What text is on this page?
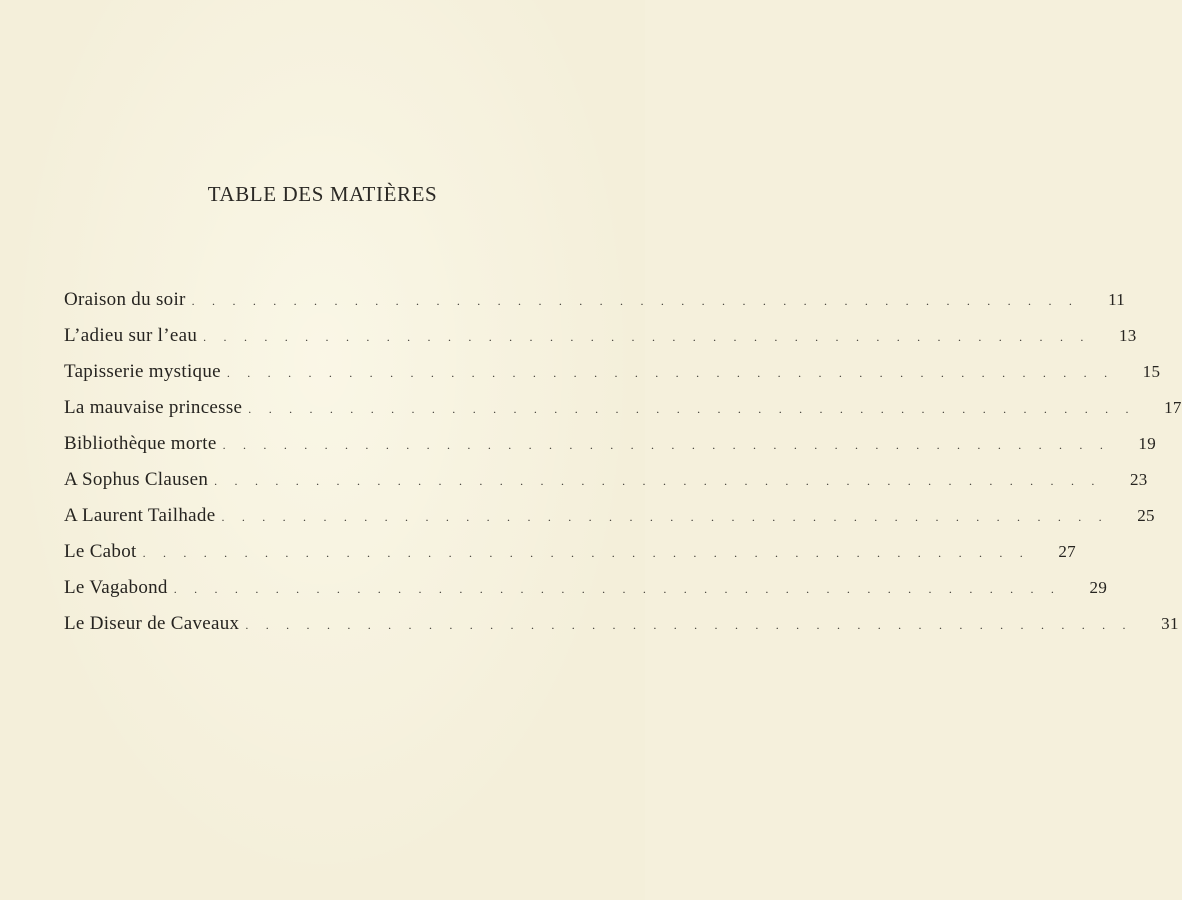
TABLE DES MATIÈRES
Oraison du soir . . . . . . . . . . . . . . . . . . . . . . . . . . . . . . . . . . . . . . . . . . . .	11
L’adieu sur l’eau . . . . . . . . . . . . . . . . . . . . . . . . . . . . . . . . . . . . . . . . . . . .	13
Tapisserie mystique . . . . . . . . . . . . . . . . . . . . . . . . . . . . . . . . . . . . . . . . . . . .	15
La mauvaise princesse . . . . . . . . . . . . . . . . . . . . . . . . . . . . . . . . . . . . . . . . . . . .	17
Bibliothèque morte . . . . . . . . . . . . . . . . . . . . . . . . . . . . . . . . . . . . . . . . . . . .	19
A Sophus Clausen . . . . . . . . . . . . . . . . . . . . . . . . . . . . . . . . . . . . . . . . . . . .	23
A Laurent Tailhade . . . . . . . . . . . . . . . . . . . . . . . . . . . . . . . . . . . . . . . . . . . .	25
Le Cabot . . . . . . . . . . . . . . . . . . . . . . . . . . . . . . . . . . . . . . . . . . . .	27
Le Vagabond . . . . . . . . . . . . . . . . . . . . . . . . . . . . . . . . . . . . . . . . . . . .	29
Le Diseur de Caveaux . . . . . . . . . . . . . . . . . . . . . . . . . . . . . . . . . . . . . . . . . . . .	31
